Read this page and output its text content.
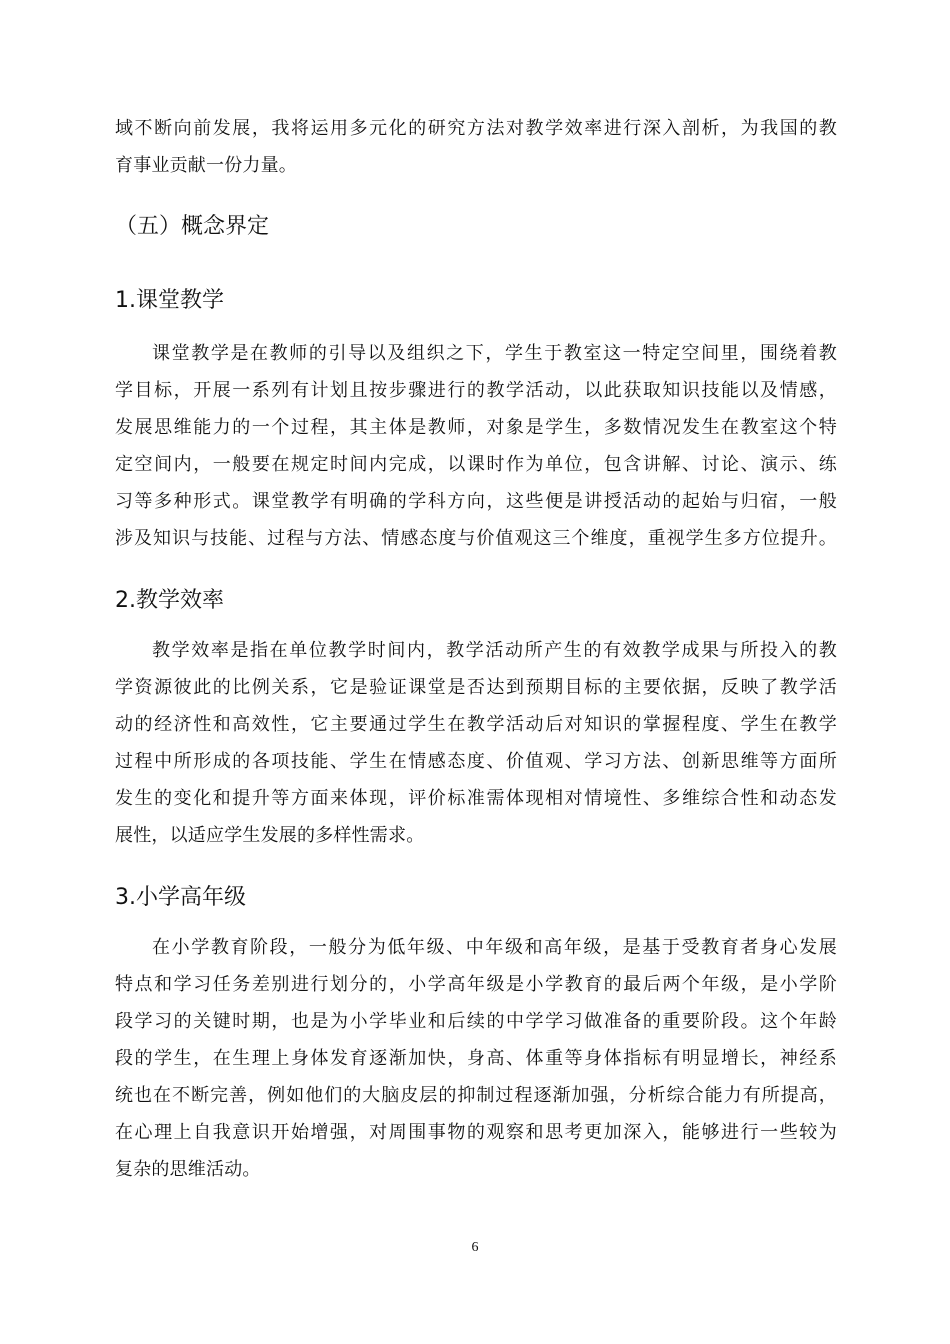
域不断向前发展，我将运用多元化的研究方法对教学效率进行深入剖析，为我国的教
育事业贡献一份力量。
（五）概念界定
1.课堂教学
课堂教学是在教师的引导以及组织之下，学生于教室这一特定空间里，围绕着教
学目标，开展一系列有计划且按步骤进行的教学活动，以此获取知识技能以及情感，
发展思维能力的一个过程，其主体是教师，对象是学生，多数情况发生在教室这个特
定空间内，一般要在规定时间内完成，以课时作为单位，包含讲解、讨论、演示、练
习等多种形式。课堂教学有明确的学科方向，这些便是讲授活动的起始与归宿，一般
涉及知识与技能、过程与方法、情感态度与价值观这三个维度，重视学生多方位提升。
2.教学效率
教学效率是指在单位教学时间内，教学活动所产生的有效教学成果与所投入的教
学资源彼此的比例关系，它是验证课堂是否达到预期目标的主要依据，反映了教学活
动的经济性和高效性，它主要通过学生在教学活动后对知识的掌握程度、学生在教学
过程中所形成的各项技能、学生在情感态度、价值观、学习方法、创新思维等方面所
发生的变化和提升等方面来体现，评价标准需体现相对情境性、多维综合性和动态发
展性，以适应学生发展的多样性需求。
3.小学高年级
在小学教育阶段，一般分为低年级、中年级和高年级，是基于受教育者身心发展
特点和学习任务差别进行划分的，小学高年级是小学教育的最后两个年级，是小学阶
段学习的关键时期，也是为小学毕业和后续的中学学习做准备的重要阶段。这个年龄
段的学生，在生理上身体发育逐渐加快，身高、体重等身体指标有明显增长，神经系
统也在不断完善，例如他们的大脑皮层的抑制过程逐渐加强，分析综合能力有所提高，
在心理上自我意识开始增强，对周围事物的观察和思考更加深入，能够进行一些较为
复杂的思维活动。
6
